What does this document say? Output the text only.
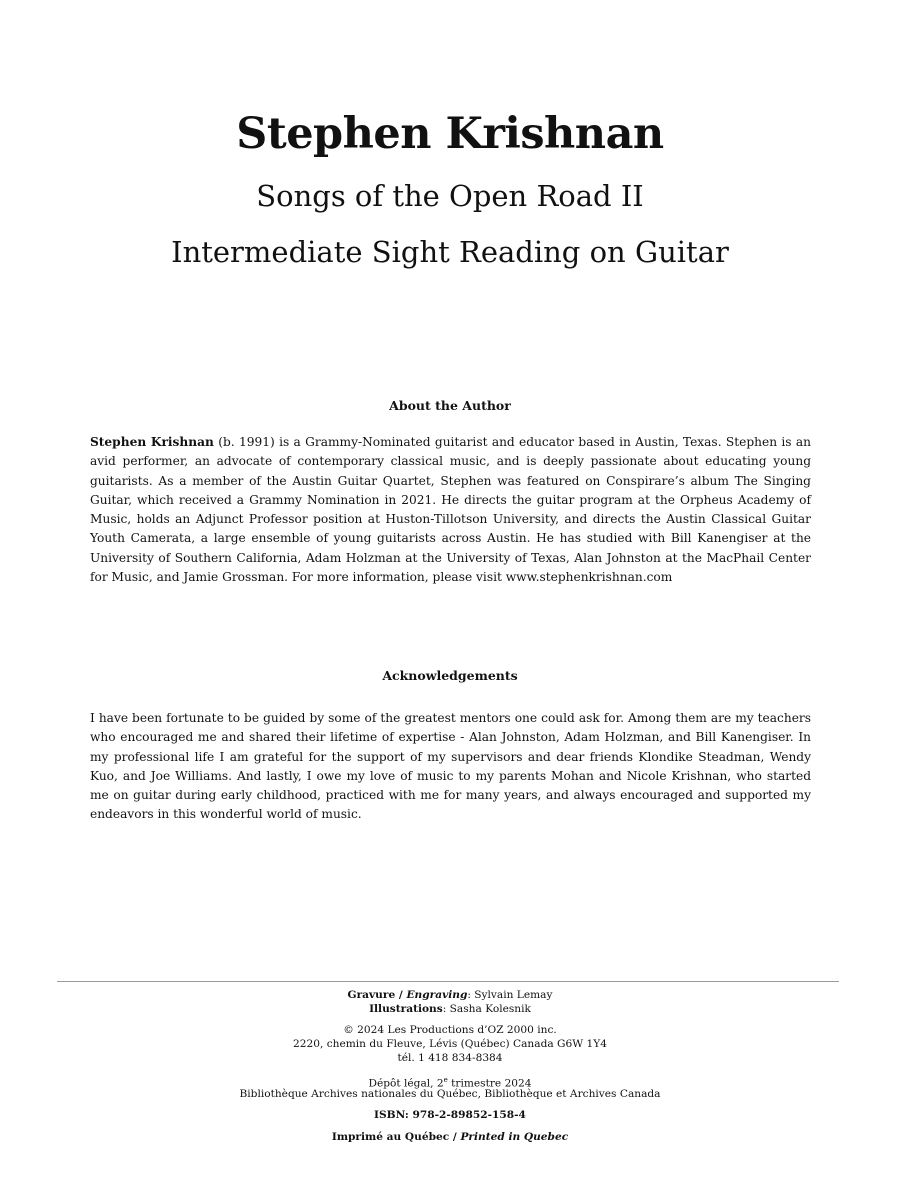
Stephen Krishnan
Songs of the Open Road II
Intermediate Sight Reading on Guitar
About the Author
Stephen Krishnan (b. 1991) is a Grammy-Nominated guitarist and educator based in Austin, Texas. Stephen is an avid performer, an advocate of contemporary classical music, and is deeply passionate about educating young guitarists. As a member of the Austin Guitar Quartet, Stephen was featured on Conspirare’s album The Singing Guitar, which received a Grammy Nomination in 2021. He directs the guitar program at the Orpheus Academy of Music, holds an Adjunct Professor position at Huston-Tillotson University, and directs the Austin Classical Guitar Youth Camerata, a large ensemble of young guitarists across Austin. He has studied with Bill Kanengiser at the University of Southern California, Adam Holzman at the University of Texas, Alan Johnston at the MacPhail Center for Music, and Jamie Grossman. For more information, please visit www.stephenkrishnan.com
Acknowledgements
I have been fortunate to be guided by some of the greatest mentors one could ask for. Among them are my teachers who encouraged me and shared their lifetime of expertise - Alan Johnston, Adam Holzman, and Bill Kanengiser. In my professional life I am grateful for the support of my supervisors and dear friends Klondike Steadman, Wendy Kuo, and Joe Williams. And lastly, I owe my love of music to my parents Mohan and Nicole Krishnan, who started me on guitar during early childhood, practiced with me for many years, and always encouraged and supported my endeavors in this wonderful world of music.
Gravure / Engraving: Sylvain Lemay
Illustrations: Sasha Kolesnik
© 2024 Les Productions d’OZ 2000 inc.
2220, chemin du Fleuve, Lévis (Québec) Canada G6W 1Y4
tél. 1 418 834-8384
Dépôt légal, 2e trimestre 2024
Bibliothèque Archives nationales du Québec, Bibliothèque et Archives Canada
ISBN: 978-2-89852-158-4
Imprimé au Québec / Printed in Quebec
